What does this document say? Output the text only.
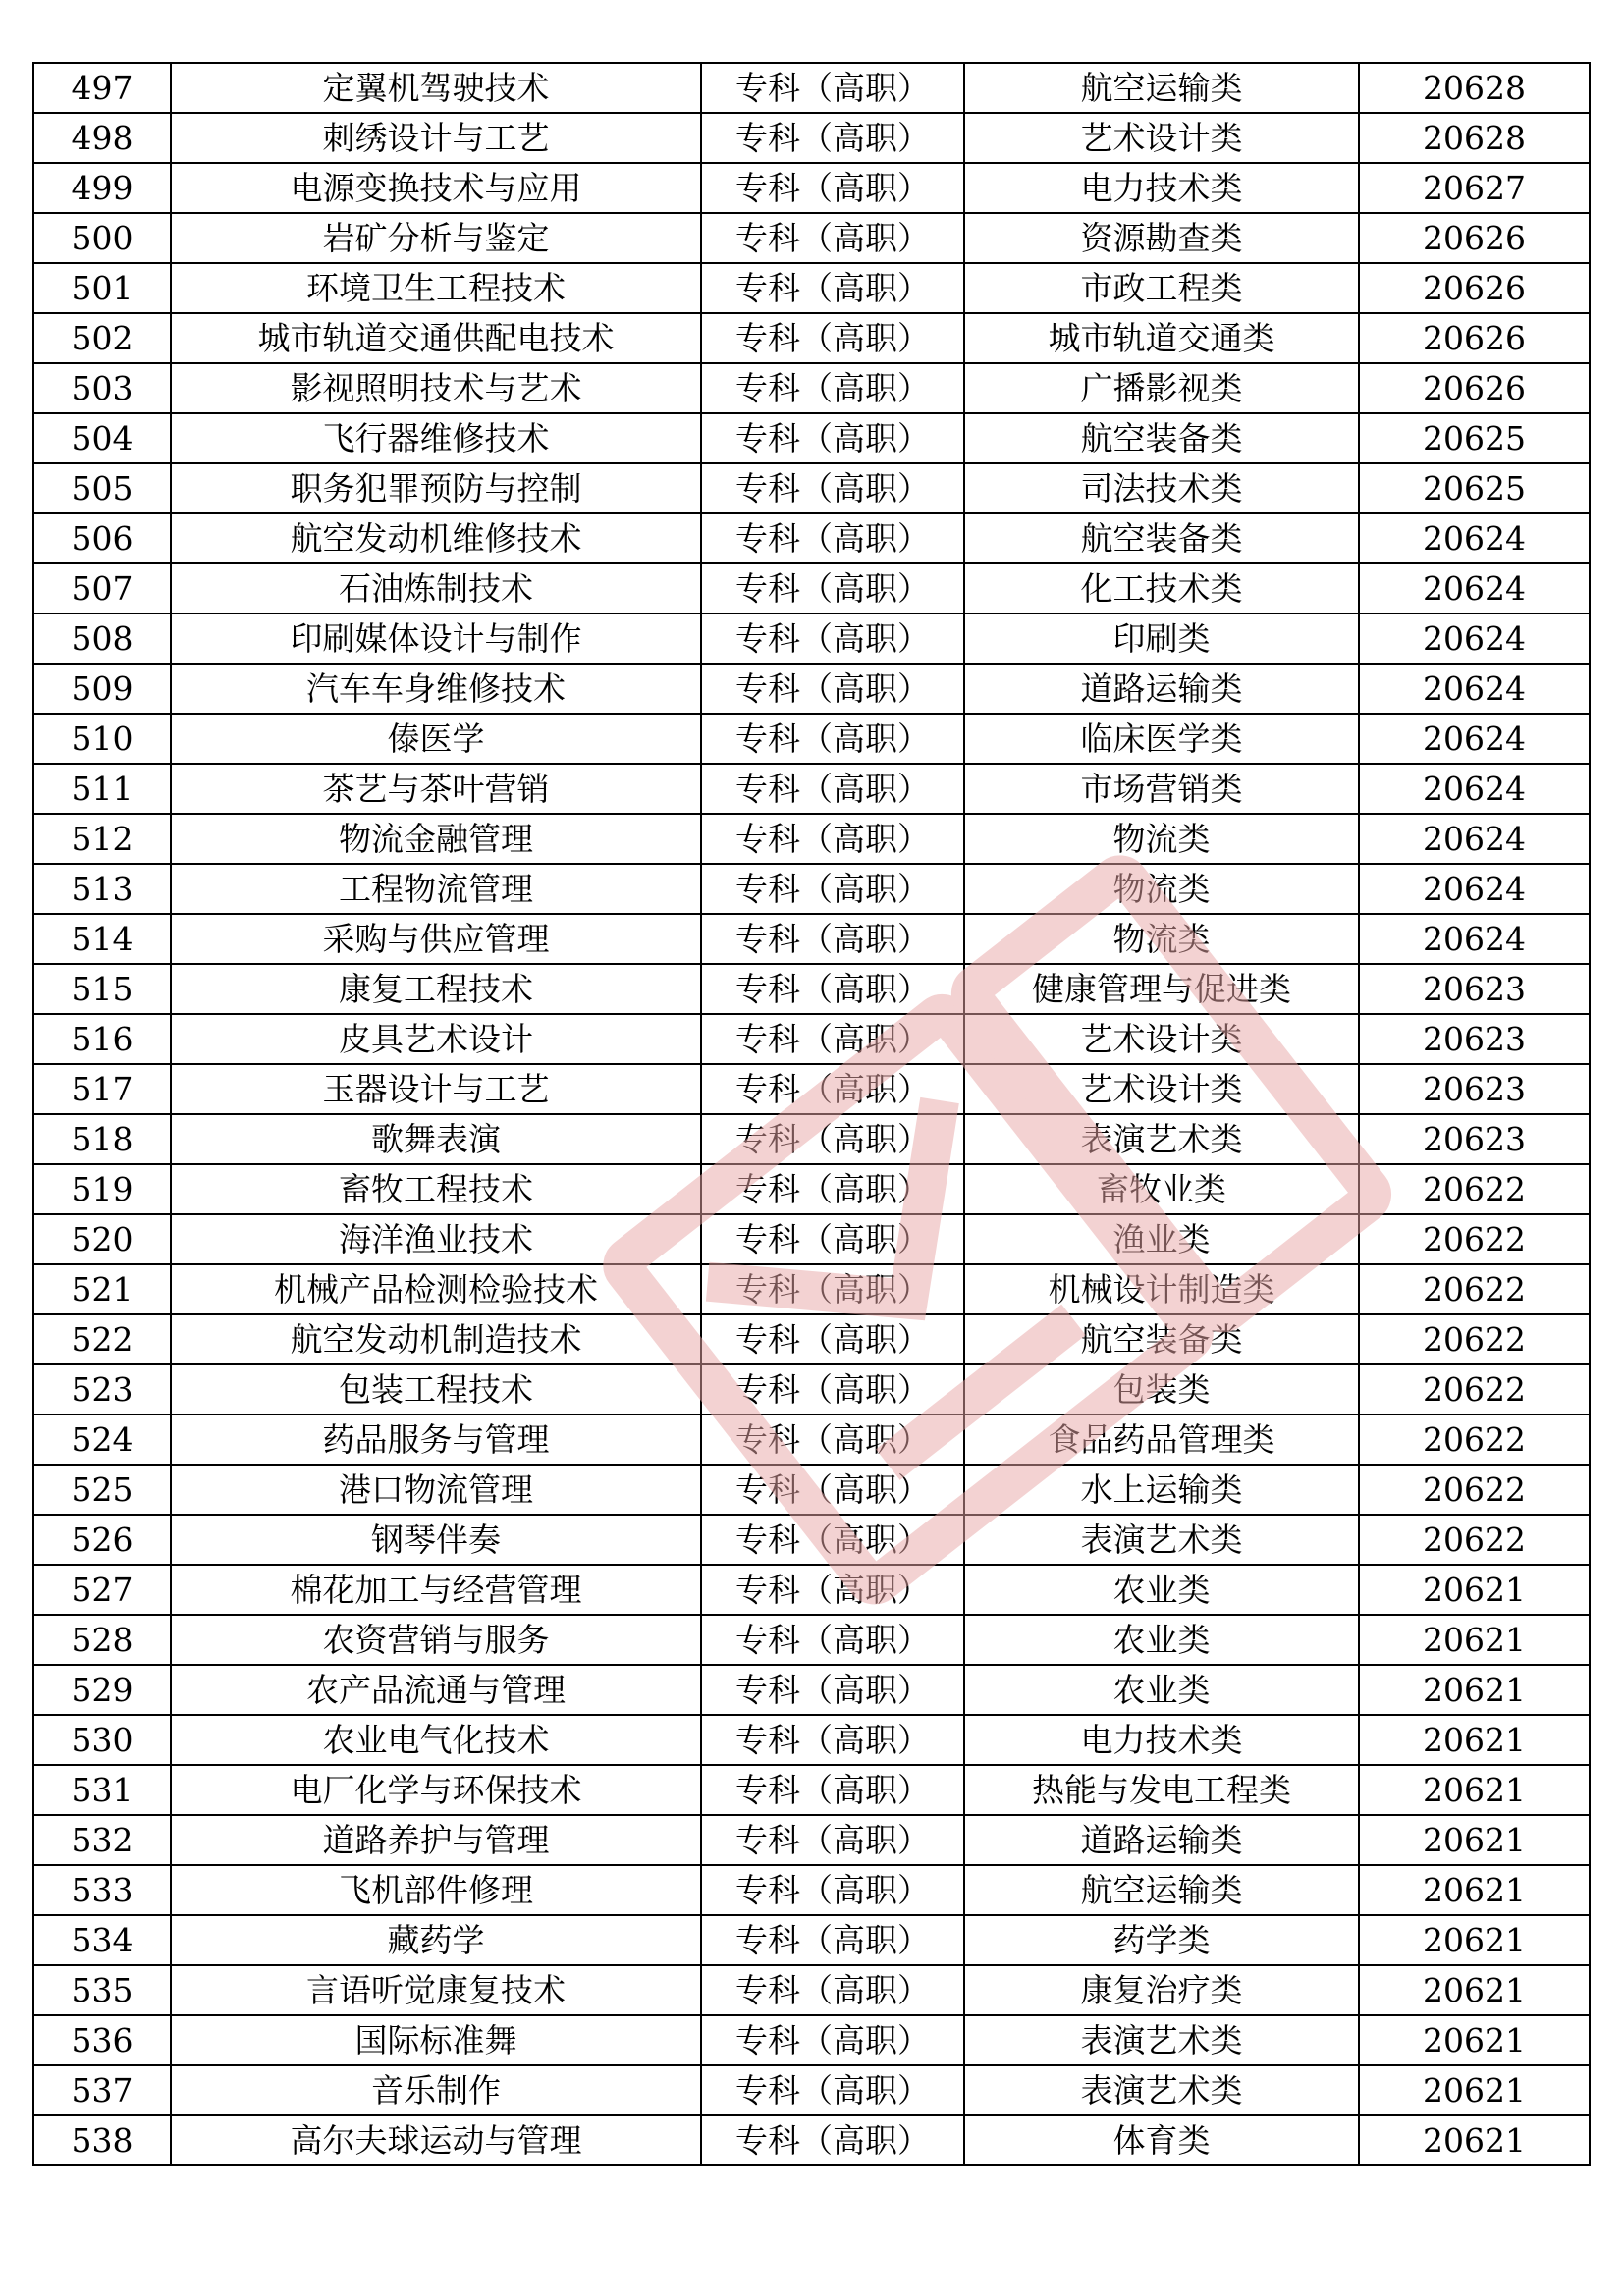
497	定翼机驾驶技术	专科（高职）	航空运输类	20628
498	刺绣设计与工艺	专科（高职）	艺术设计类	20628
499	电源变换技术与应用	专科（高职）	电力技术类	20627
500	岩矿分析与鉴定	专科（高职）	资源勘查类	20626
501	环境卫生工程技术	专科（高职）	市政工程类	20626
502	城市轨道交通供配电技术	专科（高职）	城市轨道交通类	20626
503	影视照明技术与艺术	专科（高职）	广播影视类	20626
504	飞行器维修技术	专科（高职）	航空装备类	20625
505	职务犯罪预防与控制	专科（高职）	司法技术类	20625
506	航空发动机维修技术	专科（高职）	航空装备类	20624
507	石油炼制技术	专科（高职）	化工技术类	20624
508	印刷媒体设计与制作	专科（高职）	印刷类	20624
509	汽车车身维修技术	专科（高职）	道路运输类	20624
510	傣医学	专科（高职）	临床医学类	20624
511	茶艺与茶叶营销	专科（高职）	市场营销类	20624
512	物流金融管理	专科（高职）	物流类	20624
513	工程物流管理	专科（高职）	物流类	20624
514	采购与供应管理	专科（高职）	物流类	20624
515	康复工程技术	专科（高职）	健康管理与促进类	20623
516	皮具艺术设计	专科（高职）	艺术设计类	20623
517	玉器设计与工艺	专科（高职）	艺术设计类	20623
518	歌舞表演	专科（高职）	表演艺术类	20623
519	畜牧工程技术	专科（高职）	畜牧业类	20622
520	海洋渔业技术	专科（高职）	渔业类	20622
521	机械产品检测检验技术	专科（高职）	机械设计制造类	20622
522	航空发动机制造技术	专科（高职）	航空装备类	20622
523	包装工程技术	专科（高职）	包装类	20622
524	药品服务与管理	专科（高职）	食品药品管理类	20622
525	港口物流管理	专科（高职）	水上运输类	20622
526	钢琴伴奏	专科（高职）	表演艺术类	20622
527	棉花加工与经营管理	专科（高职）	农业类	20621
528	农资营销与服务	专科（高职）	农业类	20621
529	农产品流通与管理	专科（高职）	农业类	20621
530	农业电气化技术	专科（高职）	电力技术类	20621
531	电厂化学与环保技术	专科（高职）	热能与发电工程类	20621
532	道路养护与管理	专科（高职）	道路运输类	20621
533	飞机部件修理	专科（高职）	航空运输类	20621
534	藏药学	专科（高职）	药学类	20621
535	言语听觉康复技术	专科（高职）	康复治疗类	20621
536	国际标准舞	专科（高职）	表演艺术类	20621
537	音乐制作	专科（高职）	表演艺术类	20621
538	高尔夫球运动与管理	专科（高职）	体育类	20621
